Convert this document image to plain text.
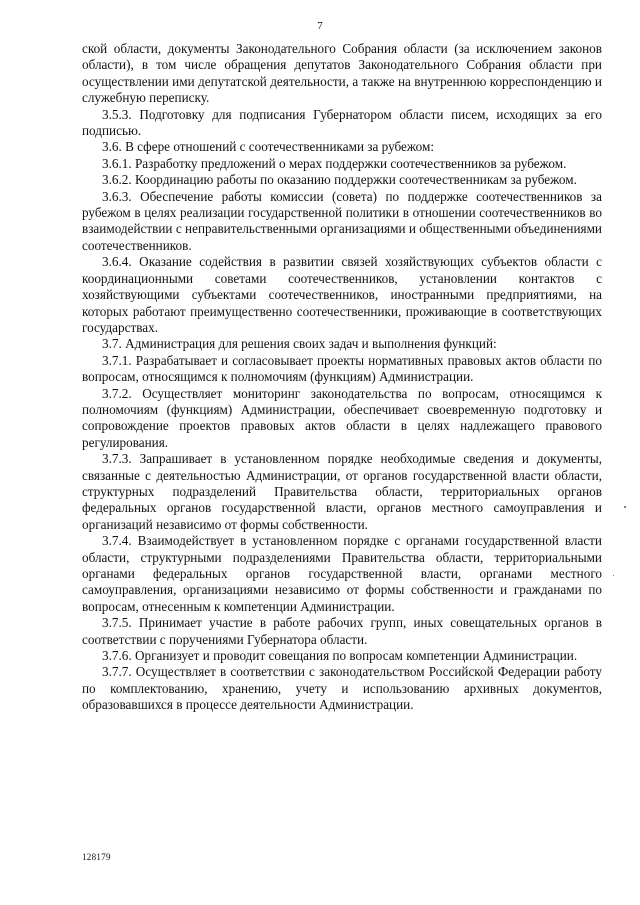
7

ской области, документы Законодательного Собрания области (за исключением законов области), в том числе обращения депутатов Законодательного Собрания области при осуществлении ими депутатской деятельности, а также на внутреннюю корреспонденцию и служебную переписку.

3.5.3. Подготовку для подписания Губернатором области писем, исходящих за его подписью.

3.6. В сфере отношений с соотечественниками за рубежом:

3.6.1. Разработку предложений о мерах поддержки соотечественников за рубежом.

3.6.2. Координацию работы по оказанию поддержки соотечественникам за рубежом.

3.6.3. Обеспечение работы комиссии (совета) по поддержке соотечественников за рубежом в целях реализации государственной политики в отношении соотечественников во взаимодействии с неправительственными организациями и общественными объединениями соотечественников.

3.6.4. Оказание содействия в развитии связей хозяйствующих субъектов области с координационными советами соотечественников, установлении контактов с хозяйствующими субъектами соотечественников, иностранными предприятиями, на которых работают преимущественно соотечественники, проживающие в соответствующих государствах.

3.7. Администрация для решения своих задач и выполнения функций:

3.7.1. Разрабатывает и согласовывает проекты нормативных правовых актов области по вопросам, относящимся к полномочиям (функциям) Администрации.

3.7.2. Осуществляет мониторинг законодательства по вопросам, относящимся к полномочиям (функциям) Администрации, обеспечивает своевременную подготовку и сопровождение проектов правовых актов области в целях надлежащего правового регулирования.

3.7.3. Запрашивает в установленном порядке необходимые сведения и документы, связанные с деятельностью Администрации, от органов государственной власти области, структурных подразделений Правительства области, территориальных органов федеральных органов государственной власти, органов местного самоуправления и организаций независимо от формы собственности.

3.7.4. Взаимодействует в установленном порядке с органами государственной власти области, структурными подразделениями Правительства области, территориальными органами федеральных органов государственной власти, органами местного самоуправления, организациями независимо от формы собственности и гражданами по вопросам, отнесенным к компетенции Администрации.

3.7.5. Принимает участие в работе рабочих групп, иных совещательных органов в соответствии с поручениями Губернатора области.

3.7.6. Организует и проводит совещания по вопросам компетенции Администрации.

3.7.7. Осуществляет в соответствии с законодательством Российской Федерации работу по комплектованию, хранению, учету и использованию архивных документов, образовавшихся в процессе деятельности Администрации.

128179
